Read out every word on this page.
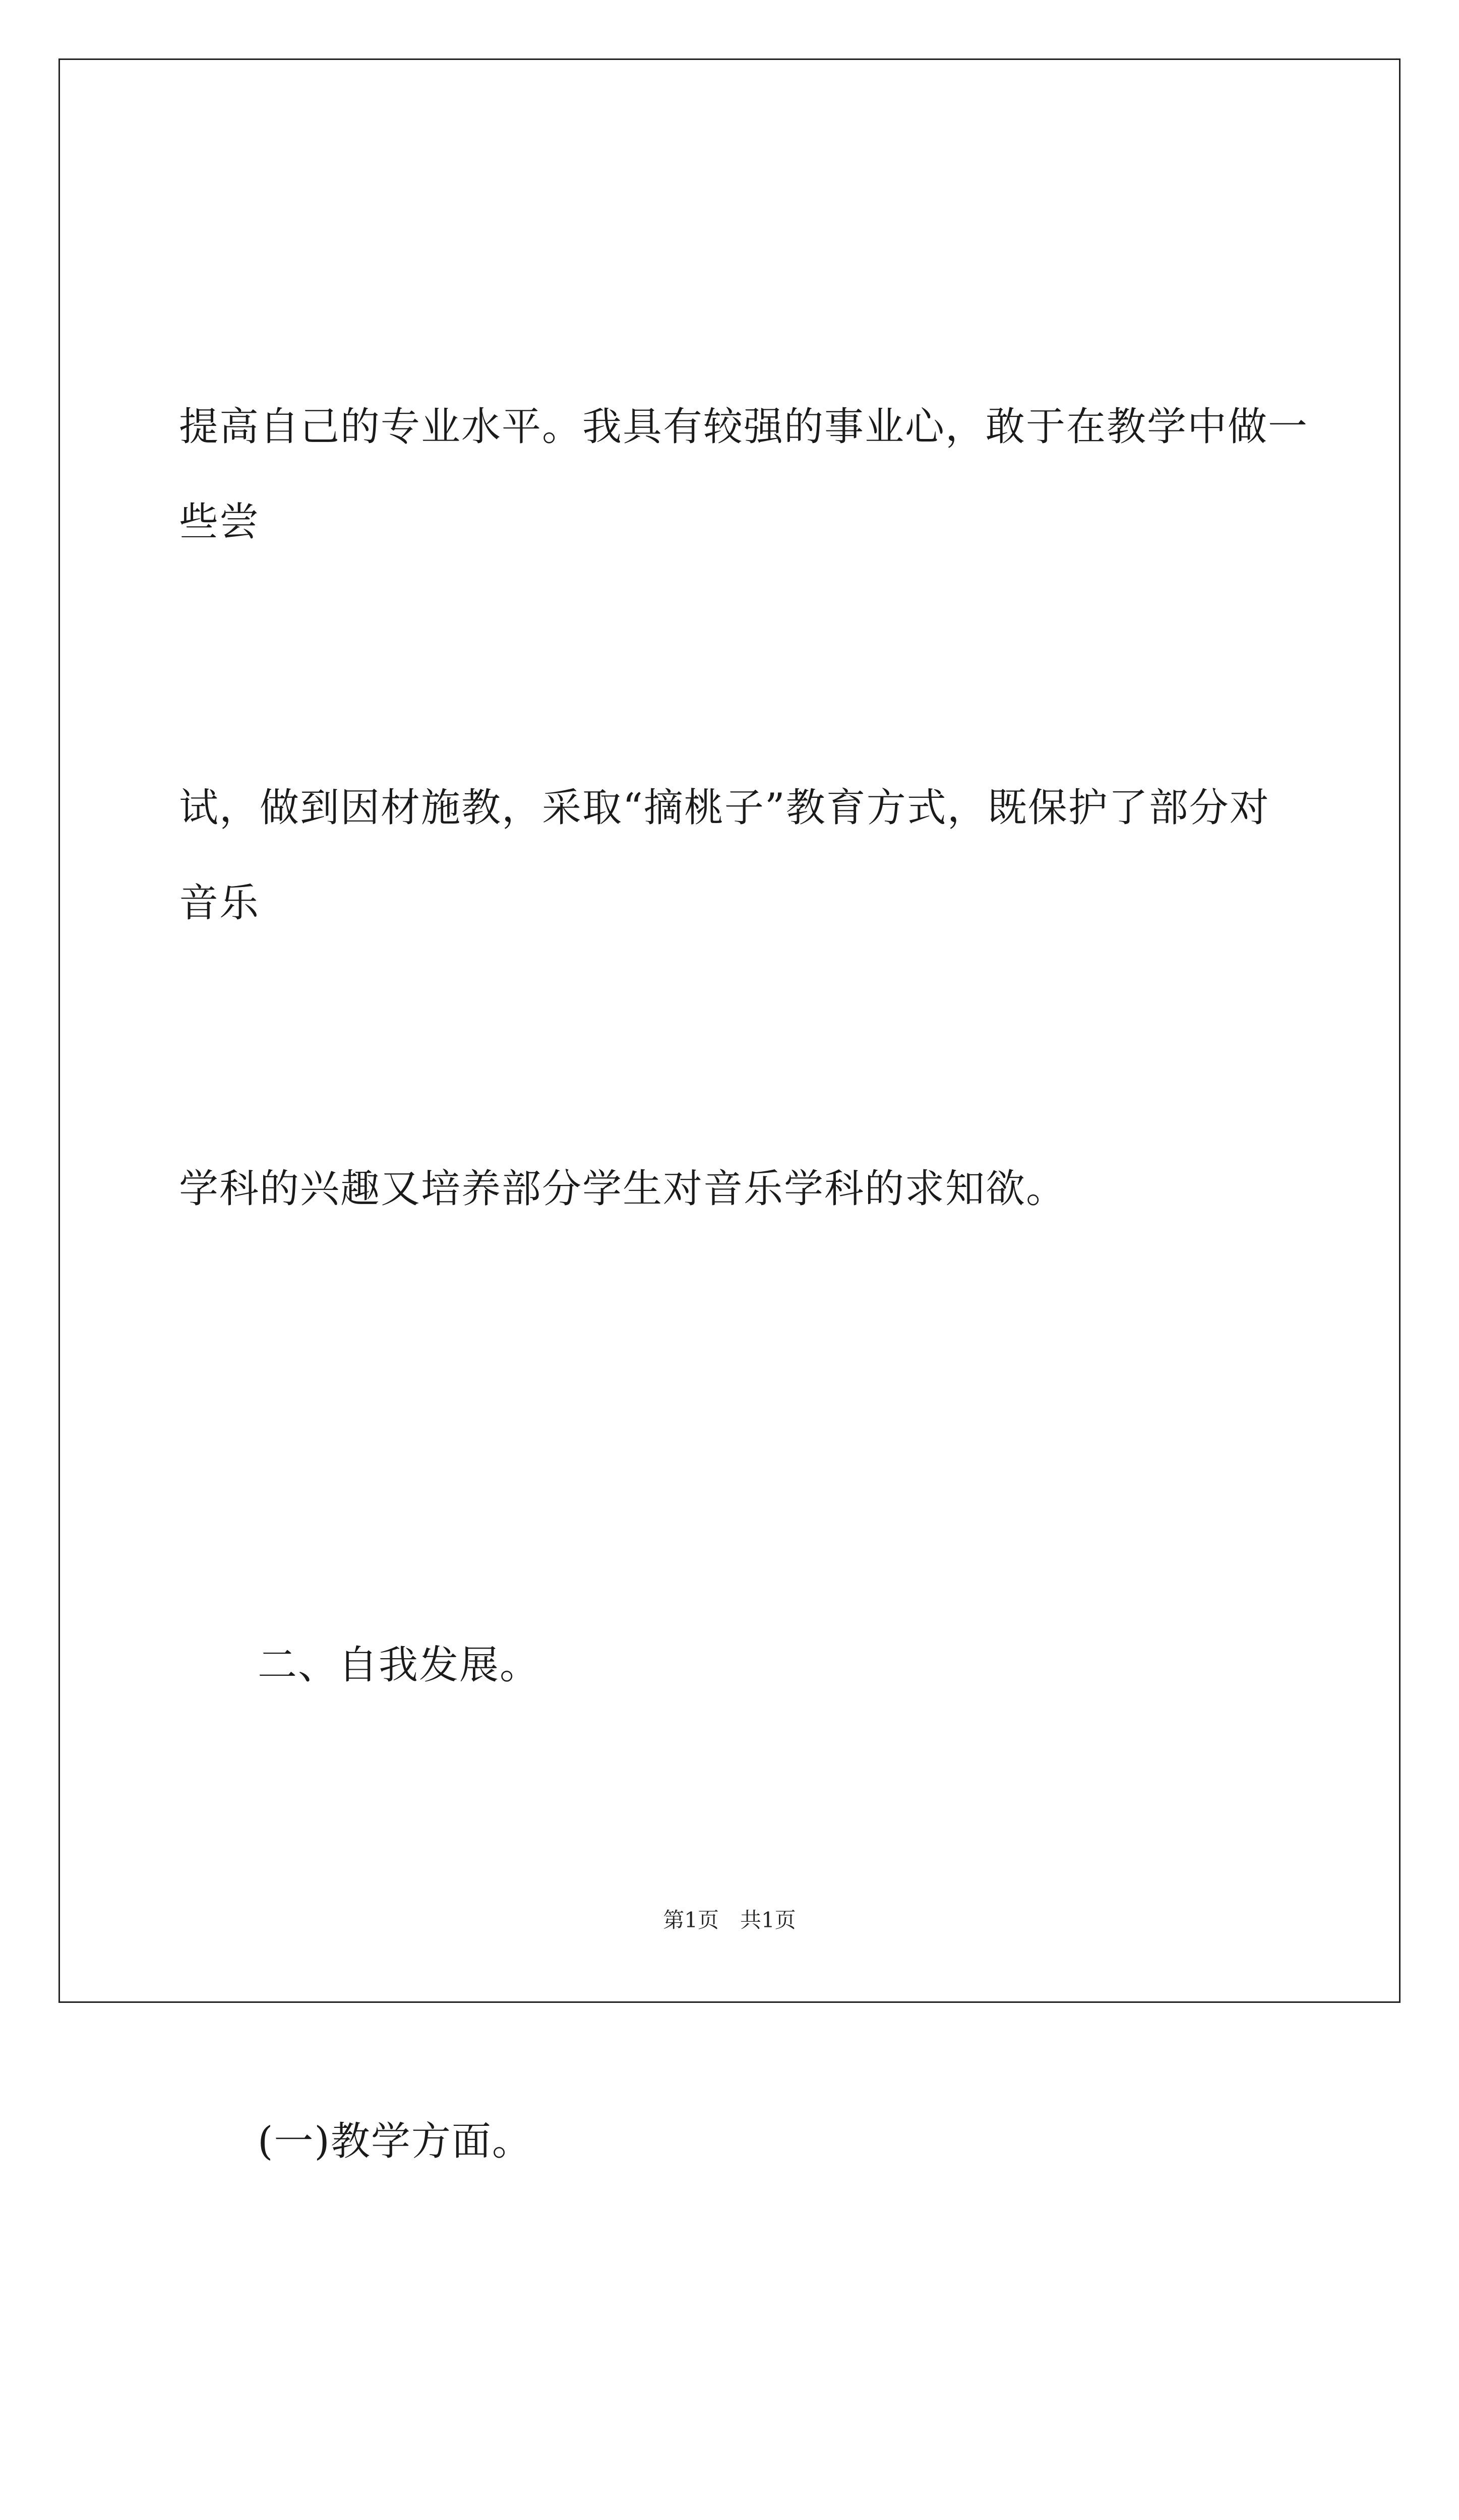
提高自己的专业水平。我具有较强的事业心，敢于在教学中做一些尝

试，做到因材施教，采取“摘桃子”教育方式，既保护了部分对音乐

学科的兴趣又培养部分学生对音乐学科的求知欲。

二、自我发展。

(一)教学方面。

第1页　共1页
